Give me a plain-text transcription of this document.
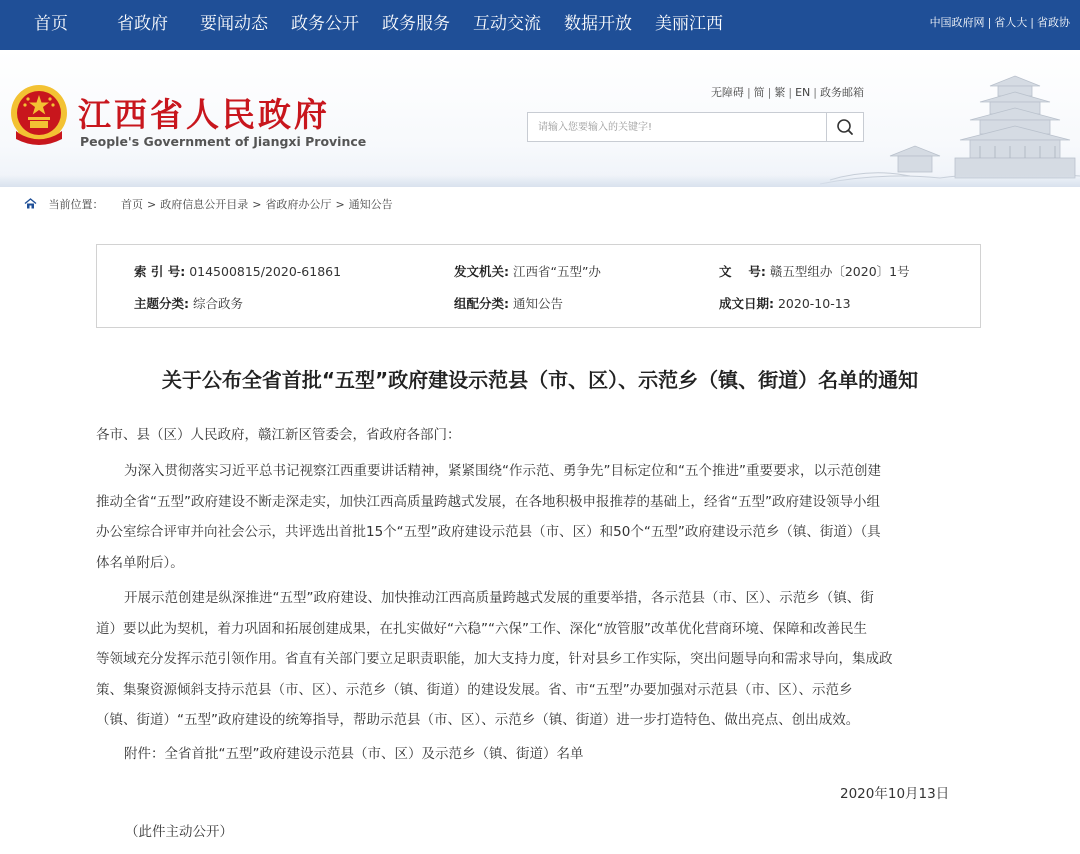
首页	省政府 要闻动态 政务公开 政务服务 互动交流 数据开放 美丽江西	中国政府网 | 省人大 | 省政协
江西省人民政府
People's Government of Jiangxi Province
无障碍 | 简 | 繁 | EN | 政务邮箱
请输入您要输入的关键字!
当前位置： 首页 > 政府信息公开目录 > 省政府办公厅 > 通知公告
索 引 号: 014500815/2020-61861	发文机关: 江西省“五型”办	文　 号: 赣五型组办〔2020〕1号
主题分类: 综合政务	组配分类: 通知公告	成文日期: 2020-10-13
关于公布全省首批“五型”政府建设示范县（市、区）、示范乡（镇、街道）名单的通知
各市、县（区）人民政府，赣江新区管委会，省政府各部门：
为深入贯彻落实习近平总书记视察江西重要讲话精神，紧紧围绕“作示范、勇争先”目标定位和“五个推进”重要要求，以示范创建
推动全省“五型”政府建设不断走深走实，加快江西高质量跨越式发展，在各地积极申报推荐的基础上，经省“五型”政府建设领导小组
办公室综合评审并向社会公示，共评选出首批15个“五型”政府建设示范县（市、区）和50个“五型”政府建设示范乡（镇、街道）（具
体名单附后）。
开展示范创建是纵深推进“五型”政府建设、加快推动江西高质量跨越式发展的重要举措，各示范县（市、区）、示范乡（镇、街
道）要以此为契机，着力巩固和拓展创建成果，在扎实做好“六稳”“六保”工作、深化“放管服”改革优化营商环境、保障和改善民生
等领域充分发挥示范引领作用。省直有关部门要立足职责职能，加大支持力度，针对县乡工作实际，突出问题导向和需求导向，集成政
策、集聚资源倾斜支持示范县（市、区）、示范乡（镇、街道）的建设发展。省、市“五型”办要加强对示范县（市、区）、示范乡
（镇、街道）“五型”政府建设的统筹指导，帮助示范县（市、区）、示范乡（镇、街道）进一步打造特色、做出亮点、创出成效。
附件：全省首批“五型”政府建设示范县（市、区）及示范乡（镇、街道）名单
2020年10月13日
（此件主动公开）
